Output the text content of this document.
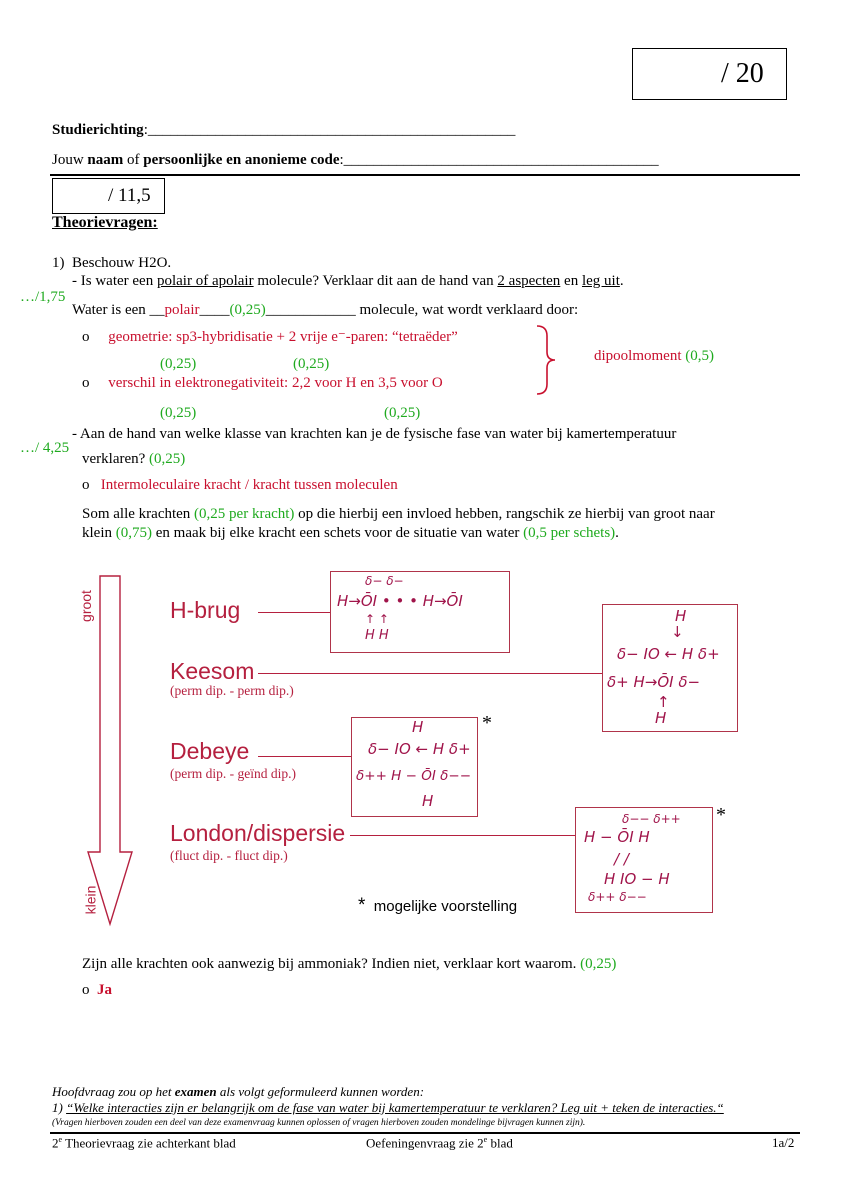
/ 20
Studierichting:_________________________________________________
Jouw naam of persoonlijke en anonieme code:__________________________________________
/ 11,5
Theorievragen:
1) Beschouw H2O.
…/1,75
- Is water een polair of apolair molecule? Verklaar dit aan de hand van 2 aspecten en leg uit.
Water is een __polair____(0,25)____________ molecule, wat wordt verklaard door:
o geometrie: sp3-hybridisatie + 2 vrije e⁻-paren: “tetraëder”
(0,25)	(0,25)
o verschil in elektronegativiteit: 2,2 voor H en 3,5 voor O
(0,25)	(0,25)
dipoolmoment (0,5)
…/ 4,25
- Aan de hand van welke klasse van krachten kan je de fysische fase van water bij kamertemperatuur
verklaren? (0,25)
o Intermoleculaire kracht / kracht tussen moleculen
Som alle krachten (0,25 per kracht) op die hierbij een invloed hebben, rangschik ze hierbij van groot naar
klein (0,75) en maak bij elke kracht een schets voor de situatie van water (0,5 per schets).
groot
klein
H-brug
Keesom
(perm dip. - perm dip.)
Debeye
(perm dip. - geïnd dip.)
London/dispersie
(fluct dip. - fluct dip.)
δ− δ−
H→ŌI • • • H→ŌI
↑ ↑
H H
H
↓
δ− IO ← H δ+
δ+ H→ŌI δ−
↑
H
H
δ− IO ← H δ+
δ++ H − ŌI δ−−
H
*
δ−− δ++
H − ŌI H
/ /
H IO − H
δ++ δ−−
*
* mogelijke voorstelling
Zijn alle krachten ook aanwezig bij ammoniak? Indien niet, verklaar kort waarom. (0,25)
o Ja
Hoofdvraag zou op het examen als volgt geformuleerd kunnen worden:
1) “Welke interacties zijn er belangrijk om de fase van water bij kamertemperatuur te verklaren? Leg uit + teken de interacties.“
(Vragen hierboven zouden een deel van deze examenvraag kunnen oplossen of vragen hierboven zouden mondelinge bijvragen kunnen zijn).
2e Theorievraag zie achterkant blad	Oefeningenvraag zie 2e blad	1a/2
